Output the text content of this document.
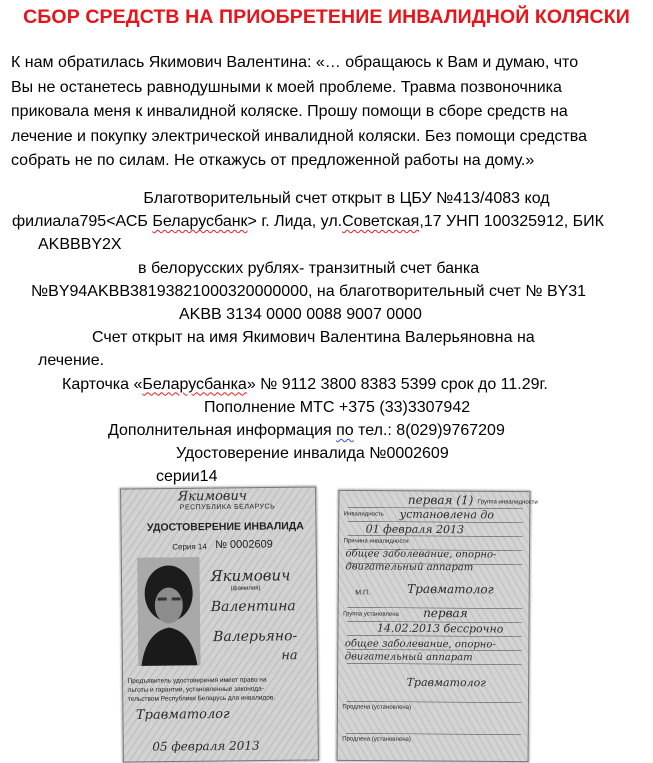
СБОР СРЕДСТВ НА ПРИОБРЕТЕНИЕ ИНВАЛИДНОЙ КОЛЯСКИ
К нам обратилась Якимович Валентина: «… обращаюсь к Вам и думаю, что
Вы не останетесь равнодушными к моей проблеме. Травма позвоночника
приковала меня к инвалидной коляске. Прошу помощи в сборе средств на
лечение и покупку электрической инвалидной коляски. Без помощи средства
собрать не по силам. Не откажусь от предложенной работы на дому.»
Благотворительный счет открыт в ЦБУ №413/4083 код
филиала795<АСБ Беларусбанк> г. Лида, ул.Советская,17 УНП 100325912, БИК
AKBBBY2X
в белорусских рублях- транзитный счет банка
№BY94AKBB38193821000320000000, на благотворительный счет № BY31
AKBB 3134 0000 0088 9007 0000
Счет открыт на имя Якимович Валентина Валерьяновна на
лечение.
Карточка «Беларусбанка» № 9112 3800 8383 5399 срок до 11.29г.
Пополнение МТС +375 (33)3307942
Дополнительная информация по тел.: 8(029)9767209
Удостоверение инвалида №0002609
серии14
Якимович
РЕСПУБЛИКА БЕЛАРУСЬ
УДОСТОВЕРЕНИЕ ИНВАЛИДА
Серия 14 № 0002609
Якимович
(фамилия)
Валентина
Валерьяно-
на
Предъявитель удостоверения имеет право на
льготы и гарантии, установленные законода-
тельством Республики Беларусь для инвалидов.
Травматолог
05 февраля 2013
первая (1) Группа инвалидности
Инвалидность установлена до
01 февраля 2013
Причина инвалидности
общее заболевание, опорно-двигательный аппарат
М.П.	Травматолог
Группа установлена первая
14.02.2013 бессрочно
общее заболевание, опорно-двигательный аппарат
Травматолог
Продлена (установлена)
Продлена (установлена)
